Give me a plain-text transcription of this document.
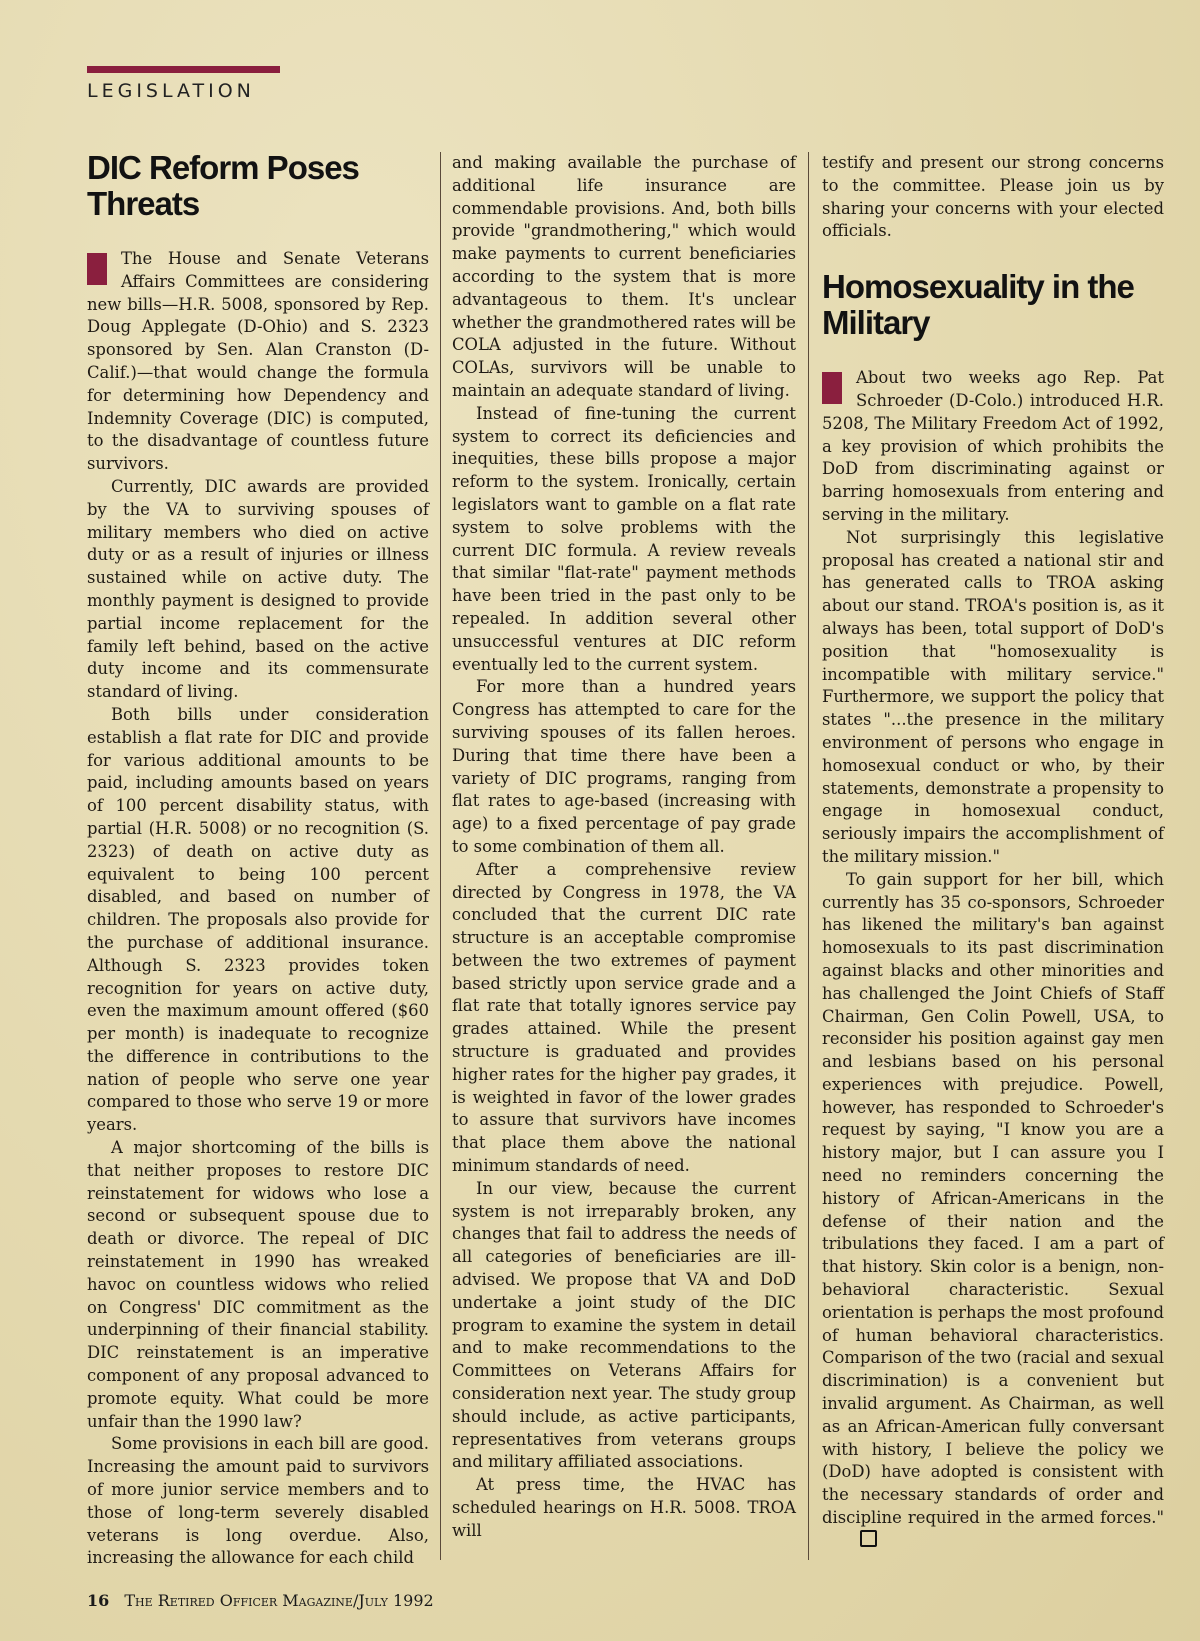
LEGISLATION
DIC Reform Poses Threats

The House and Senate Veterans Affairs Committees are considering new bills—H.R. 5008, sponsored by Rep. Doug Applegate (D-Ohio) and S. 2323 sponsored by Sen. Alan Cranston (D-Calif.)—that would change the formula for determining how Dependency and Indemnity Coverage (DIC) is computed, to the disadvantage of countless future survivors.

Currently, DIC awards are provided by the VA to surviving spouses of military members who died on active duty or as a result of injuries or illness sustained while on active duty. The monthly payment is designed to provide partial income replacement for the family left behind, based on the active duty income and its commensurate standard of living.

Both bills under consideration establish a flat rate for DIC and provide for various additional amounts to be paid, including amounts based on years of 100 percent disability status, with partial (H.R. 5008) or no recognition (S. 2323) of death on active duty as equivalent to being 100 percent disabled, and based on number of children. The proposals also provide for the purchase of additional insurance. Although S. 2323 provides token recognition for years on active duty, even the maximum amount offered ($60 per month) is inadequate to recognize the difference in contributions to the nation of people who serve one year compared to those who serve 19 or more years.

A major shortcoming of the bills is that neither proposes to restore DIC reinstatement for widows who lose a second or subsequent spouse due to death or divorce. The repeal of DIC reinstatement in 1990 has wreaked havoc on countless widows who relied on Congress' DIC commitment as the underpinning of their financial stability. DIC reinstatement is an imperative component of any proposal advanced to promote equity. What could be more unfair than the 1990 law?

Some provisions in each bill are good. Increasing the amount paid to survivors of more junior service members and to those of long-term severely disabled veterans is long overdue. Also, increasing the allowance for each child

and making available the purchase of additional life insurance are commendable provisions. And, both bills provide "grandmothering," which would make payments to current beneficiaries according to the system that is more advantageous to them. It's unclear whether the grandmothered rates will be COLA adjusted in the future. Without COLAs, survivors will be unable to maintain an adequate standard of living.

Instead of fine-tuning the current system to correct its deficiencies and inequities, these bills propose a major reform to the system. Ironically, certain legislators want to gamble on a flat rate system to solve problems with the current DIC formula. A review reveals that similar "flat-rate" payment methods have been tried in the past only to be repealed. In addition several other unsuccessful ventures at DIC reform eventually led to the current system.

For more than a hundred years Congress has attempted to care for the surviving spouses of its fallen heroes. During that time there have been a variety of DIC programs, ranging from flat rates to age-based (increasing with age) to a fixed percentage of pay grade to some combination of them all.

After a comprehensive review directed by Congress in 1978, the VA concluded that the current DIC rate structure is an acceptable compromise between the two extremes of payment based strictly upon service grade and a flat rate that totally ignores service pay grades attained. While the present structure is graduated and provides higher rates for the higher pay grades, it is weighted in favor of the lower grades to assure that survivors have incomes that place them above the national minimum standards of need.

In our view, because the current system is not irreparably broken, any changes that fail to address the needs of all categories of beneficiaries are ill-advised. We propose that VA and DoD undertake a joint study of the DIC program to examine the system in detail and to make recommendations to the Committees on Veterans Affairs for consideration next year. The study group should include, as active participants, representatives from veterans groups and military affiliated associations.

At press time, the HVAC has scheduled hearings on H.R. 5008. TROA will

testify and present our strong concerns to the committee. Please join us by sharing your concerns with your elected officials.

Homosexuality in the Military

About two weeks ago Rep. Pat Schroeder (D-Colo.) introduced H.R. 5208, The Military Freedom Act of 1992, a key provision of which prohibits the DoD from discriminating against or barring homosexuals from entering and serving in the military.

Not surprisingly this legislative proposal has created a national stir and has generated calls to TROA asking about our stand. TROA's position is, as it always has been, total support of DoD's position that "homosexuality is incompatible with military service." Furthermore, we support the policy that states "...the presence in the military environment of persons who engage in homosexual conduct or who, by their statements, demonstrate a propensity to engage in homosexual conduct, seriously impairs the accomplishment of the military mission."

To gain support for her bill, which currently has 35 co-sponsors, Schroeder has likened the military's ban against homosexuals to its past discrimination against blacks and other minorities and has challenged the Joint Chiefs of Staff Chairman, Gen Colin Powell, USA, to reconsider his position against gay men and lesbians based on his personal experiences with prejudice. Powell, however, has responded to Schroeder's request by saying, "I know you are a history major, but I can assure you I need no reminders concerning the history of African-Americans in the defense of their nation and the tribulations they faced. I am a part of that history. Skin color is a benign, non-behavioral characteristic. Sexual orientation is perhaps the most profound of human behavioral characteristics. Comparison of the two (racial and sexual discrimination) is a convenient but invalid argument. As Chairman, as well as an African-American fully conversant with history, I believe the policy we (DoD) have adopted is consistent with the necessary standards of order and discipline required in the armed forces."

16 The Retired Officer Magazine/July 1992
